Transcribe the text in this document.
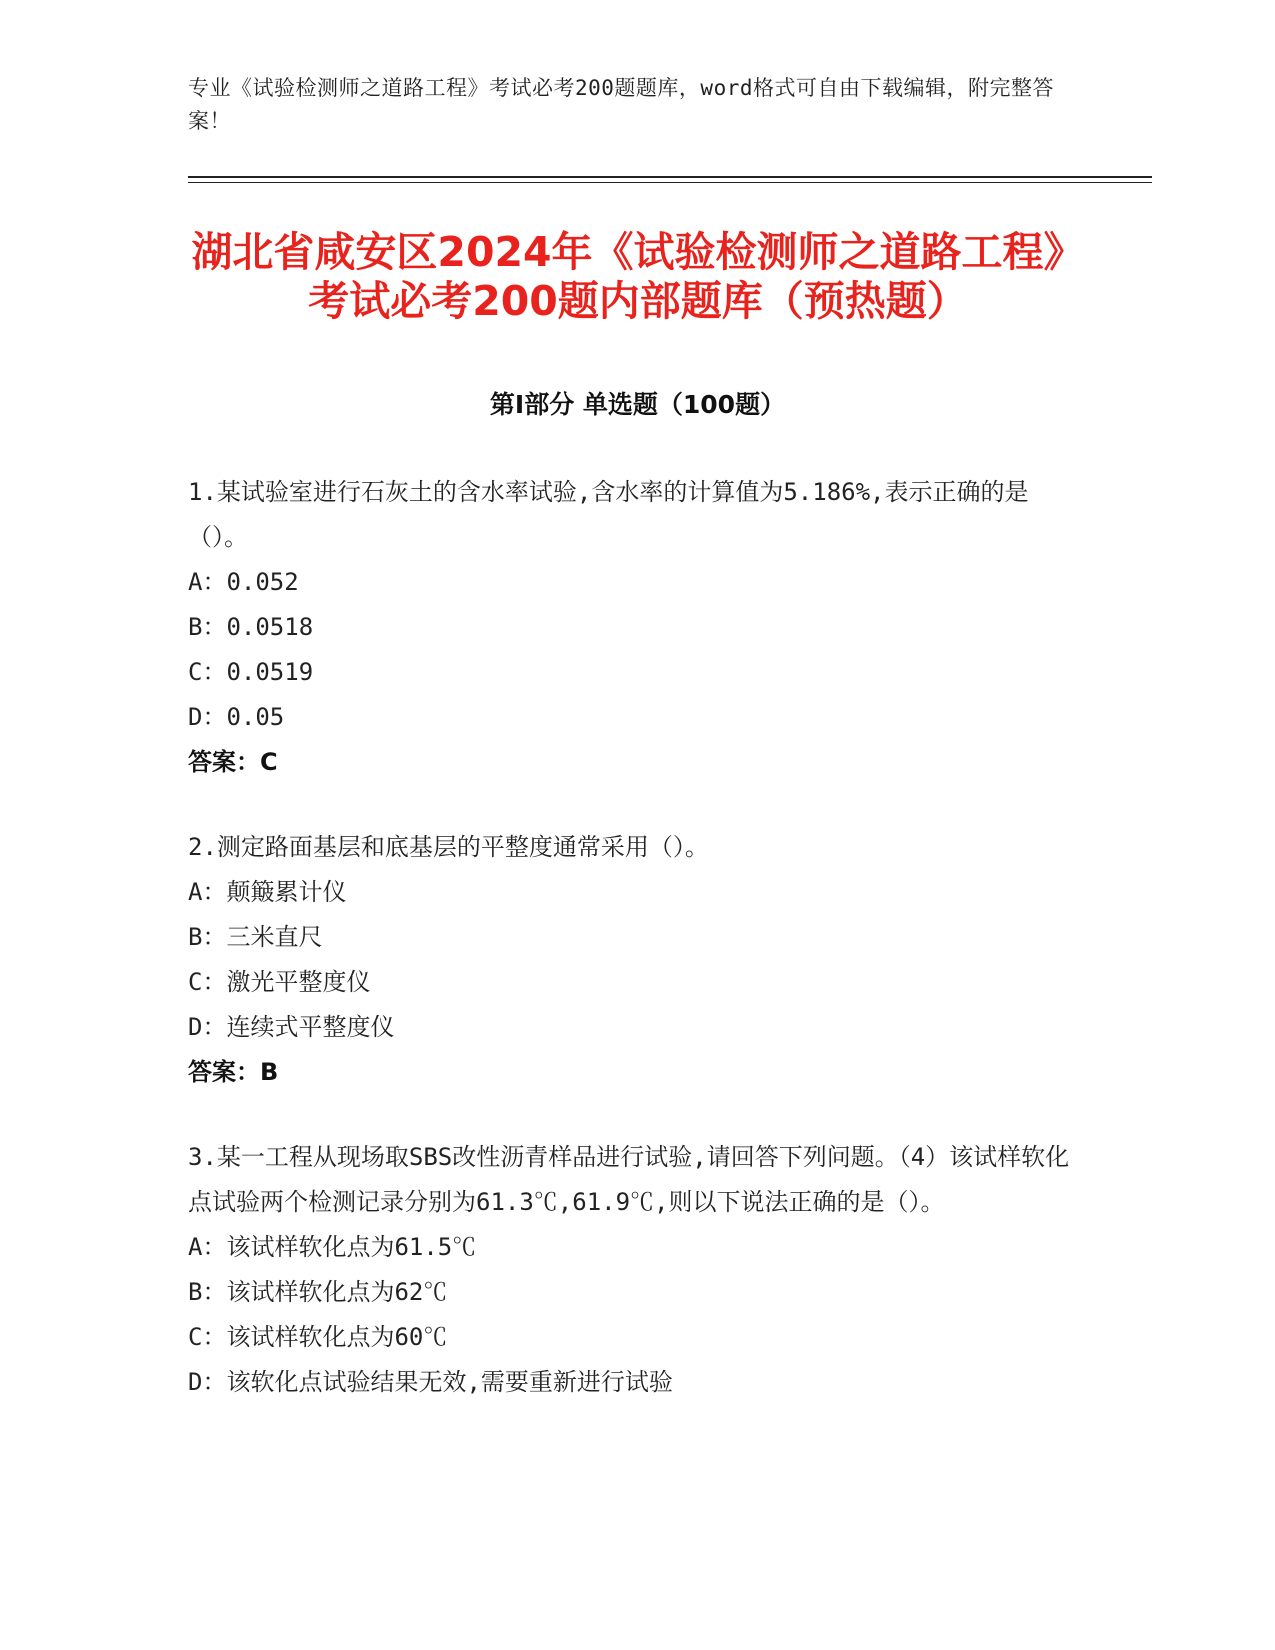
专业《试验检测师之道路工程》考试必考200题题库，word格式可自由下载编辑，附完整答案！
湖北省咸安区2024年《试验检测师之道路工程》考试必考200题内部题库（预热题）
第Ⅰ部分 单选题（100题）

1.某试验室进行石灰土的含水率试验,含水率的计算值为5.186%,表示正确的是（）。

A：0.052

B：0.0518

C：0.0519

D：0.05

答案：C

2.测定路面基层和底基层的平整度通常采用（）。

A：颠簸累计仪

B：三米直尺

C：激光平整度仪

D：连续式平整度仪

答案：B

3.某一工程从现场取SBS改性沥青样品进行试验,请回答下列问题。（4）该试样软化点试验两个检测记录分别为61.3℃,61.9℃,则以下说法正确的是（）。

A：该试样软化点为61.5℃

B：该试样软化点为62℃

C：该试样软化点为60℃

D：该软化点试验结果无效,需要重新进行试验
